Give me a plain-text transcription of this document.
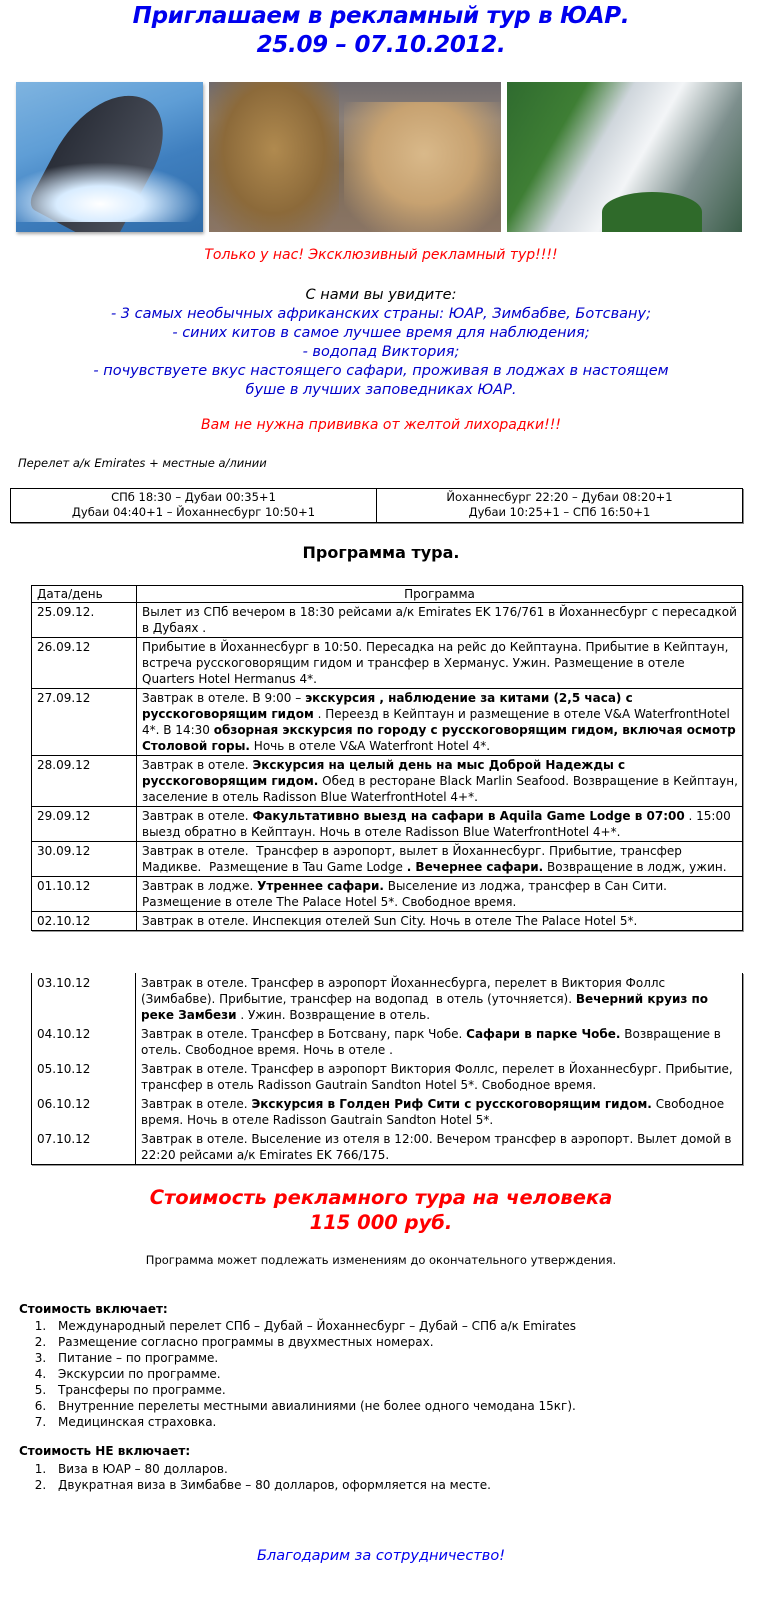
Приглашаем в рекламный тур в ЮАР.
25.09 – 07.10.2012.
Только у нас! Эксклюзивный рекламный тур!!!!
С нами вы увидите:
- 3 самых необычных африканских страны: ЮАР, Зимбабве, Ботсвану;
- синих китов в самое лучшее время для наблюдения;
- водопад Виктория;
- почувствуете вкус настоящего сафари, проживая в лоджах в настоящем
буше в лучших заповедниках ЮАР.
Вам не нужна прививка от желтой лихорадки!!!
Перелет а/к Emirates + местные а/линии
СПб 18:30 – Дубаи 00:35+1
Дубаи 04:40+1 – Йоханнесбург 10:50+1

Йоханнесбург 22:20 – Дубаи 08:20+1
Дубаи 10:25+1 – СПб 16:50+1
Программа тура.
Дата/день	Программа
25.09.12.	Вылет из СПб вечером в 18:30 рейсами а/к Emirates EK 176/761 в Йоханнесбург с пересадкой в Дубаях .
26.09.12	Прибытие в Йоханнесбург в 10:50. Пересадка на рейс до Кейптауна. Прибытие в Кейптаун, встреча русскоговорящим гидом и трансфер в Херманус. Ужин. Размещение в отеле Quarters Hotel Hermanus 4*.
27.09.12	Завтрак в отеле. В 9:00 – экскурсия , наблюдение за китами (2,5 часа) с русскоговорящим гидом . Переезд в Кейптаун и размещение в отеле V&A WaterfrontHotel 4*. В 14:30 обзорная экскурсия по городу с русскоговорящим гидом, включая осмотр Столовой горы. Ночь в отеле V&A Waterfront Hotel 4*.
28.09.12	Завтрак в отеле. Экскурсия на целый день на мыс Доброй Надежды с русскоговорящим гидом. Обед в ресторане Black Marlin Seafood. Возвращение в Кейптаун, заселение в отель Radisson Blue WaterfrontHotel 4+*.
29.09.12	Завтрак в отеле. Факультативно выезд на сафари в Aquila Game Lodge в 07:00 . 15:00 выезд обратно в Кейптаун. Ночь в отеле Radisson Blue WaterfrontHotel 4+*.
30.09.12	Завтрак в отеле.  Трансфер в аэропорт, вылет в Йоханнесбург. Прибытие, трансфер Мадикве.  Размещение в Tau Game Lodge . Вечернее сафари. Возвращение в лодж, ужин.
01.10.12	Завтрак в лодже. Утреннее сафари. Выселение из лоджа, трансфер в Сан Сити. Размещение в отеле The Palace Hotel 5*. Свободное время.
02.10.12	Завтрак в отеле. Инспекция отелей Sun City. Ночь в отеле The Palace Hotel 5*.
03.10.12	Завтрак в отеле. Трансфер в аэропорт Йоханнесбурга, перелет в Виктория Фоллс (Зимбабве). Прибытие, трансфер на водопад  в отель (уточняется). Вечерний круиз по реке Замбези . Ужин. Возвращение в отель.
04.10.12	Завтрак в отеле. Трансфер в Ботсвану, парк Чобе. Сафари в парке Чобе. Возвращение в отель. Свободное время. Ночь в отеле .
05.10.12	Завтрак в отеле. Трансфер в аэропорт Виктория Фоллс, перелет в Йоханнесбург. Прибытие, трансфер в отель Radisson Gautrain Sandton Hotel 5*. Свободное время.
06.10.12	Завтрак в отеле. Экскурсия в Голден Риф Сити с русскоговорящим гидом. Свободное время. Ночь в отеле Radisson Gautrain Sandton Hotel 5*.
07.10.12	Завтрак в отеле. Выселение из отеля в 12:00. Вечером трансфер в аэропорт. Вылет домой в 22:20 рейсами а/к Emirates EK 766/175.
Стоимость рекламного тура на человека
115 000 руб.
Программа может подлежать изменениям до окончательного утверждения.
Стоимость включает:
1. Международный перелет СПб – Дубай – Йоханнесбург – Дубай – СПб а/к Emirates
2. Размещение согласно программы в двухместных номерах.
3. Питание – по программе.
4. Экскурсии по программе.
5. Трансферы по программе.
6. Внутренние перелеты местными авиалиниями (не более одного чемодана 15кг).
7. Медицинская страховка.
Стоимость НЕ включает:
1. Виза в ЮАР – 80 долларов.
2. Двукратная виза в Зимбабве – 80 долларов, оформляется на месте.
Благодарим за сотрудничество!
